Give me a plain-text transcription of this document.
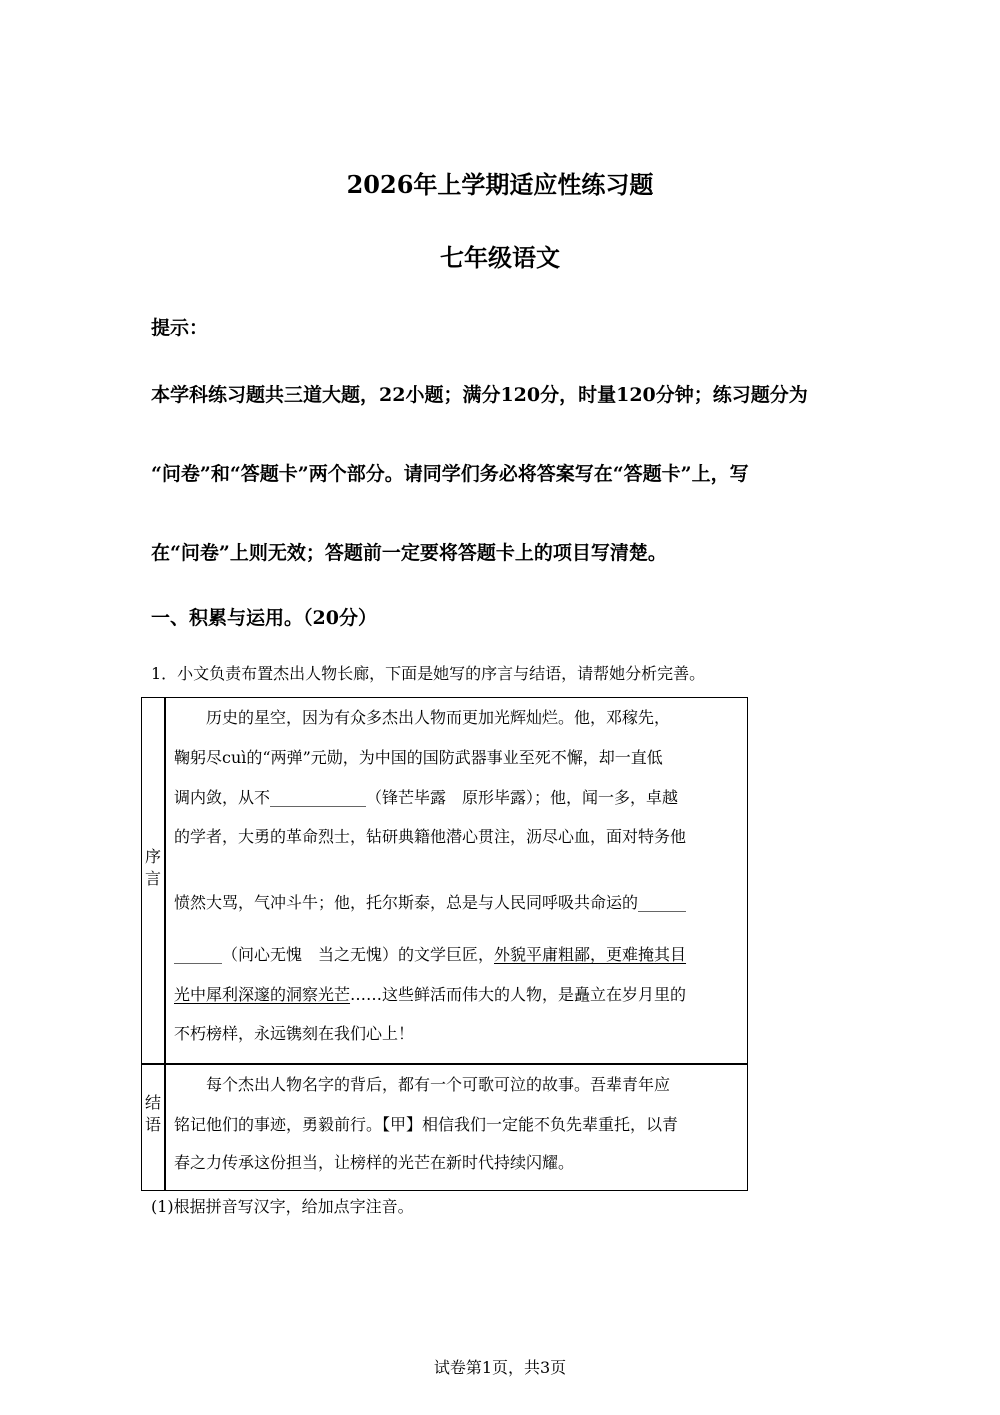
2026年上学期适应性练习题
七年级语文
提示：
本学科练习题共三道大题，22小题；满分120分，时量120分钟；练习题分为
“问卷”和“答题卡”两个部分。请同学们务必将答案写在“答题卡”上，写
在“问卷”上则无效；答题前一定要将答题卡上的项目写清楚。
一、积累与运用。（20分）
1．小文负责布置杰出人物长廊，下面是她写的序言与结语，请帮她分析完善。
序
言
　　历史的星空，因为有众多杰出人物而更加光辉灿烂。他，邓稼先，
鞠躬尽cuì的“两弹”元勋，为中国的国防武器事业至死不懈，却一直低
调内敛，从不____________（锋芒毕露　原形毕露）；他，闻一多，卓越
的学者，大勇的革命烈士，钻研典籍他潜心贯注，沥尽心血，面对特务他
愤然大骂，气冲斗牛；他，托尔斯泰，总是与人民同呼吸共命运的______
______（问心无愧　当之无愧）的文学巨匠，外貌平庸粗鄙，更难掩其目
光中犀利深邃的洞察光芒……这些鲜活而伟大的人物，是矗立在岁月里的
不朽榜样，永远镌刻在我们心上！
结
语
　　每个杰出人物名字的背后，都有一个可歌可泣的故事。吾辈青年应
铭记他们的事迹，勇毅前行。【甲】相信我们一定能不负先辈重托，以青
春之力传承这份担当，让榜样的光芒在新时代持续闪耀。
(1)根据拼音写汉字，给加点字注音。
试卷第1页，共3页
